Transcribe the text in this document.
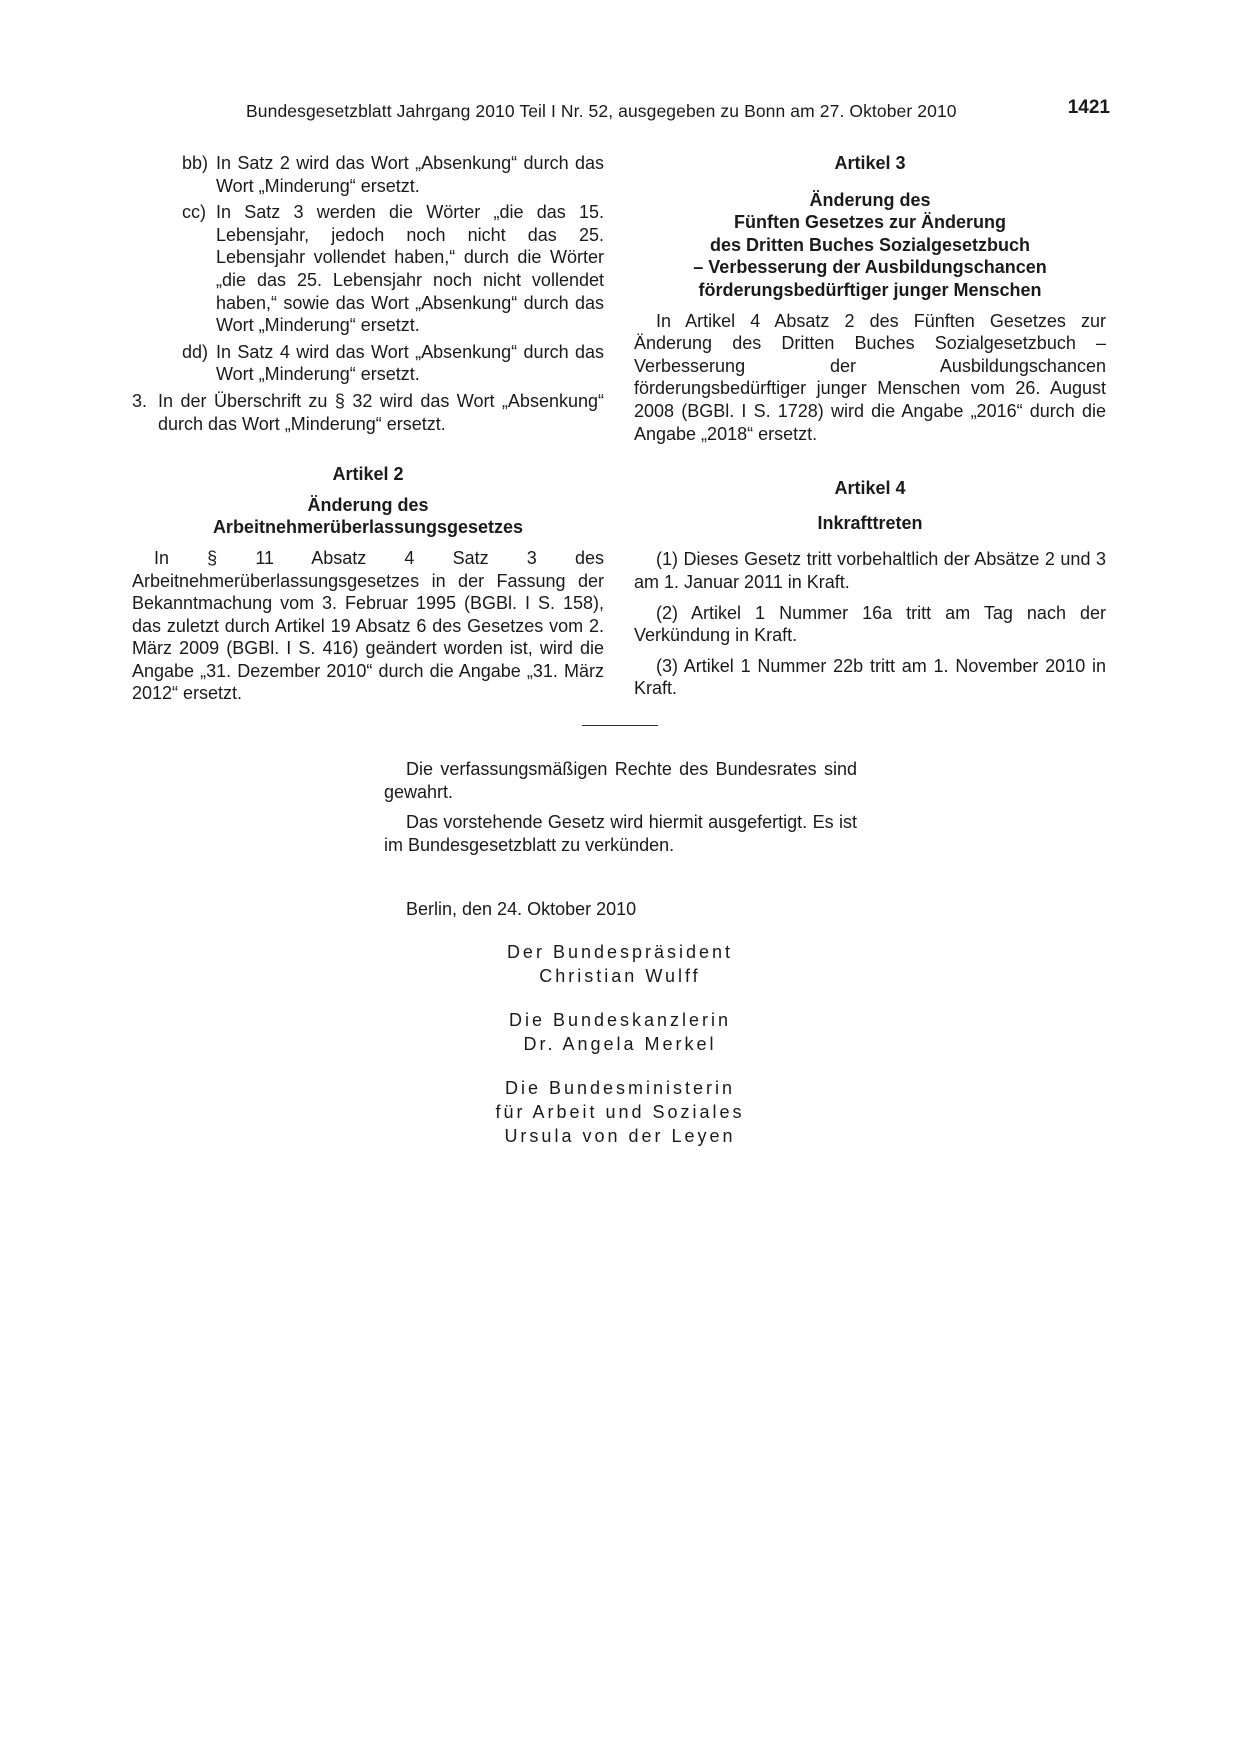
Bundesgesetzblatt Jahrgang 2010 Teil I Nr. 52, ausgegeben zu Bonn am 27. Oktober 2010	1421
bb) In Satz 2 wird das Wort „Absenkung“ durch das Wort „Minderung“ ersetzt.
cc) In Satz 3 werden die Wörter „die das 15. Lebensjahr, jedoch noch nicht das 25. Lebensjahr vollendet haben,“ durch die Wörter „die das 25. Lebensjahr noch nicht vollendet haben,“ sowie das Wort „Absenkung“ durch das Wort „Minderung“ ersetzt.
dd) In Satz 4 wird das Wort „Absenkung“ durch das Wort „Minderung“ ersetzt.
3. In der Überschrift zu § 32 wird das Wort „Absenkung“ durch das Wort „Minderung“ ersetzt.

Artikel 2

Änderung des
Arbeitnehmerüberlassungsgesetzes

In § 11 Absatz 4 Satz 3 des Arbeitnehmerüberlassungsgesetzes in der Fassung der Bekanntmachung vom 3. Februar 1995 (BGBl. I S. 158), das zuletzt durch Artikel 19 Absatz 6 des Gesetzes vom 2. März 2009 (BGBl. I S. 416) geändert worden ist, wird die Angabe „31. Dezember 2010“ durch die Angabe „31. März 2012“ ersetzt.

Artikel 3

Änderung des
Fünften Gesetzes zur Änderung
des Dritten Buches Sozialgesetzbuch
– Verbesserung der Ausbildungschancen
förderungsbedürftiger junger Menschen

In Artikel 4 Absatz 2 des Fünften Gesetzes zur Änderung des Dritten Buches Sozialgesetzbuch – Verbesserung der Ausbildungschancen förderungsbedürftiger junger Menschen vom 26. August 2008 (BGBl. I S. 1728) wird die Angabe „2016“ durch die Angabe „2018“ ersetzt.

Artikel 4

Inkrafttreten

(1) Dieses Gesetz tritt vorbehaltlich der Absätze 2 und 3 am 1. Januar 2011 in Kraft.

(2) Artikel 1 Nummer 16a tritt am Tag nach der Verkündung in Kraft.

(3) Artikel 1 Nummer 22b tritt am 1. November 2010 in Kraft.

Die verfassungsmäßigen Rechte des Bundesrates sind gewahrt.

Das vorstehende Gesetz wird hiermit ausgefertigt. Es ist im Bundesgesetzblatt zu verkünden.

Berlin, den 24. Oktober 2010
Der Bundespräsident
Christian Wulff
Die Bundeskanzlerin
Dr. Angela Merkel
Die Bundesministerin
für Arbeit und Soziales
Ursula von der Leyen
